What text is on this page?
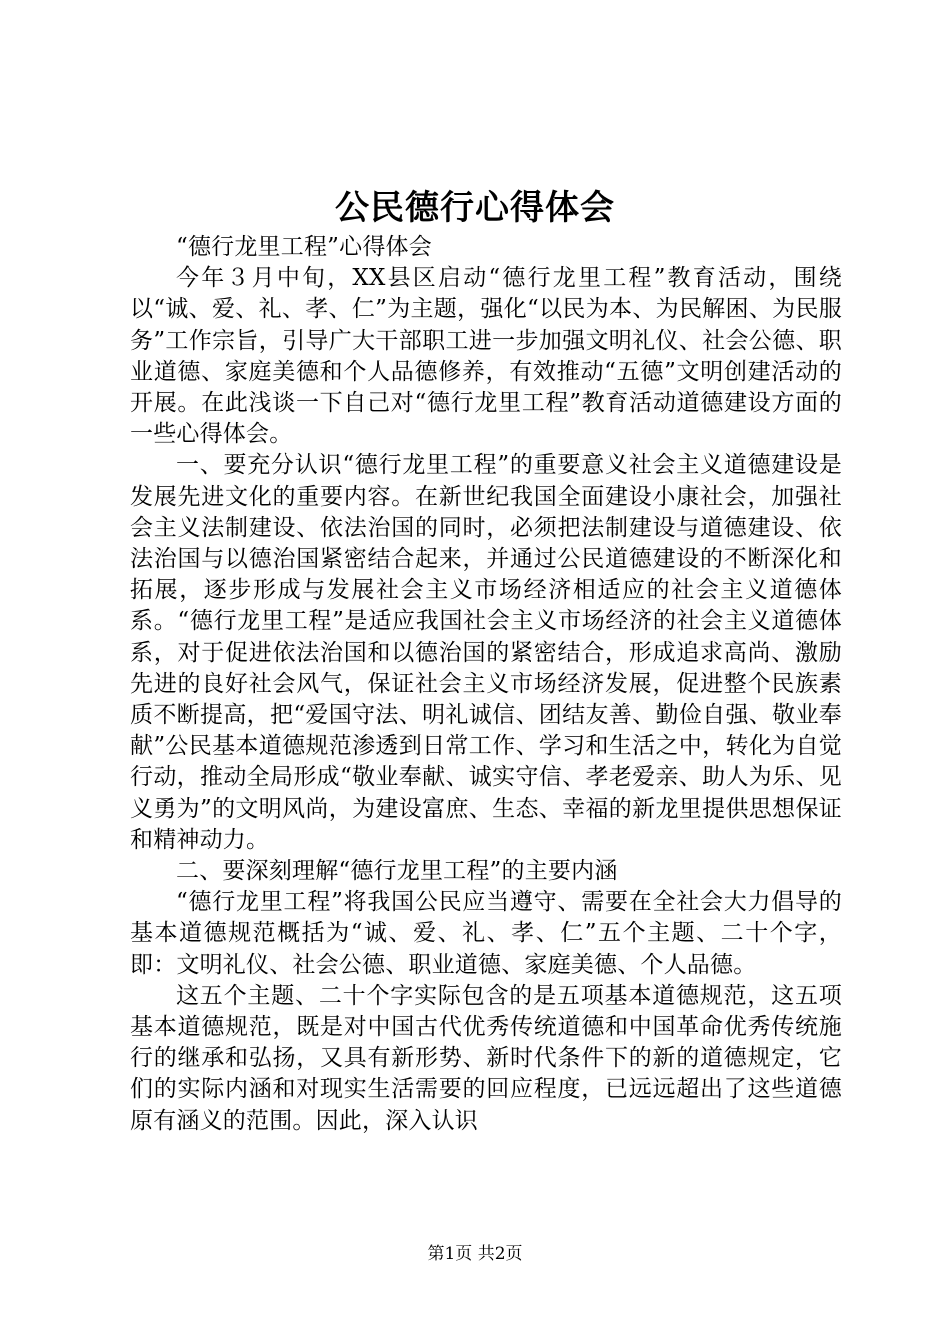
公民德行心得体会

“德行龙里工程”心得体会

今年３月中旬，XX县区启动“德行龙里工程”教育活动，围绕以“诚、爱、礼、孝、仁”为主题，强化“以民为本、为民解困、为民服务”工作宗旨，引导广大干部职工进一步加强文明礼仪、社会公德、职业道德、家庭美德和个人品德修养，有效推动“五德”文明创建活动的开展。在此浅谈一下自己对“德行龙里工程”教育活动道德建设方面的一些心得体会。

一、要充分认识“德行龙里工程”的重要意义社会主义道德建设是发展先进文化的重要内容。在新世纪我国全面建设小康社会，加强社会主义法制建设、依法治国的同时，必须把法制建设与道德建设、依法治国与以德治国紧密结合起来，并通过公民道德建设的不断深化和拓展，逐步形成与发展社会主义市场经济相适应的社会主义道德体系。“德行龙里工程”是适应我国社会主义市场经济的社会主义道德体系，对于促进依法治国和以德治国的紧密结合，形成追求高尚、激励先进的良好社会风气，保证社会主义市场经济发展，促进整个民族素质不断提高，把“爱国守法、明礼诚信、团结友善、勤俭自强、敬业奉献”公民基本道德规范渗透到日常工作、学习和生活之中，转化为自觉行动，推动全局形成“敬业奉献、诚实守信、孝老爱亲、助人为乐、见义勇为”的文明风尚，为建设富庶、生态、幸福的新龙里提供思想保证和精神动力。

二、要深刻理解“德行龙里工程”的主要内涵

“德行龙里工程”将我国公民应当遵守、需要在全社会大力倡导的基本道德规范概括为“诚、爱、礼、孝、仁”五个主题、二十个字，即：文明礼仪、社会公德、职业道德、家庭美德、个人品德。

这五个主题、二十个字实际包含的是五项基本道德规范，这五项基本道德规范，既是对中国古代优秀传统道德和中国革命优秀传统施行的继承和弘扬，又具有新形势、新时代条件下的新的道德规定，它们的实际内涵和对现实生活需要的回应程度，已远远超出了这些道德原有涵义的范围。因此，深入认识

第1页 共2页
